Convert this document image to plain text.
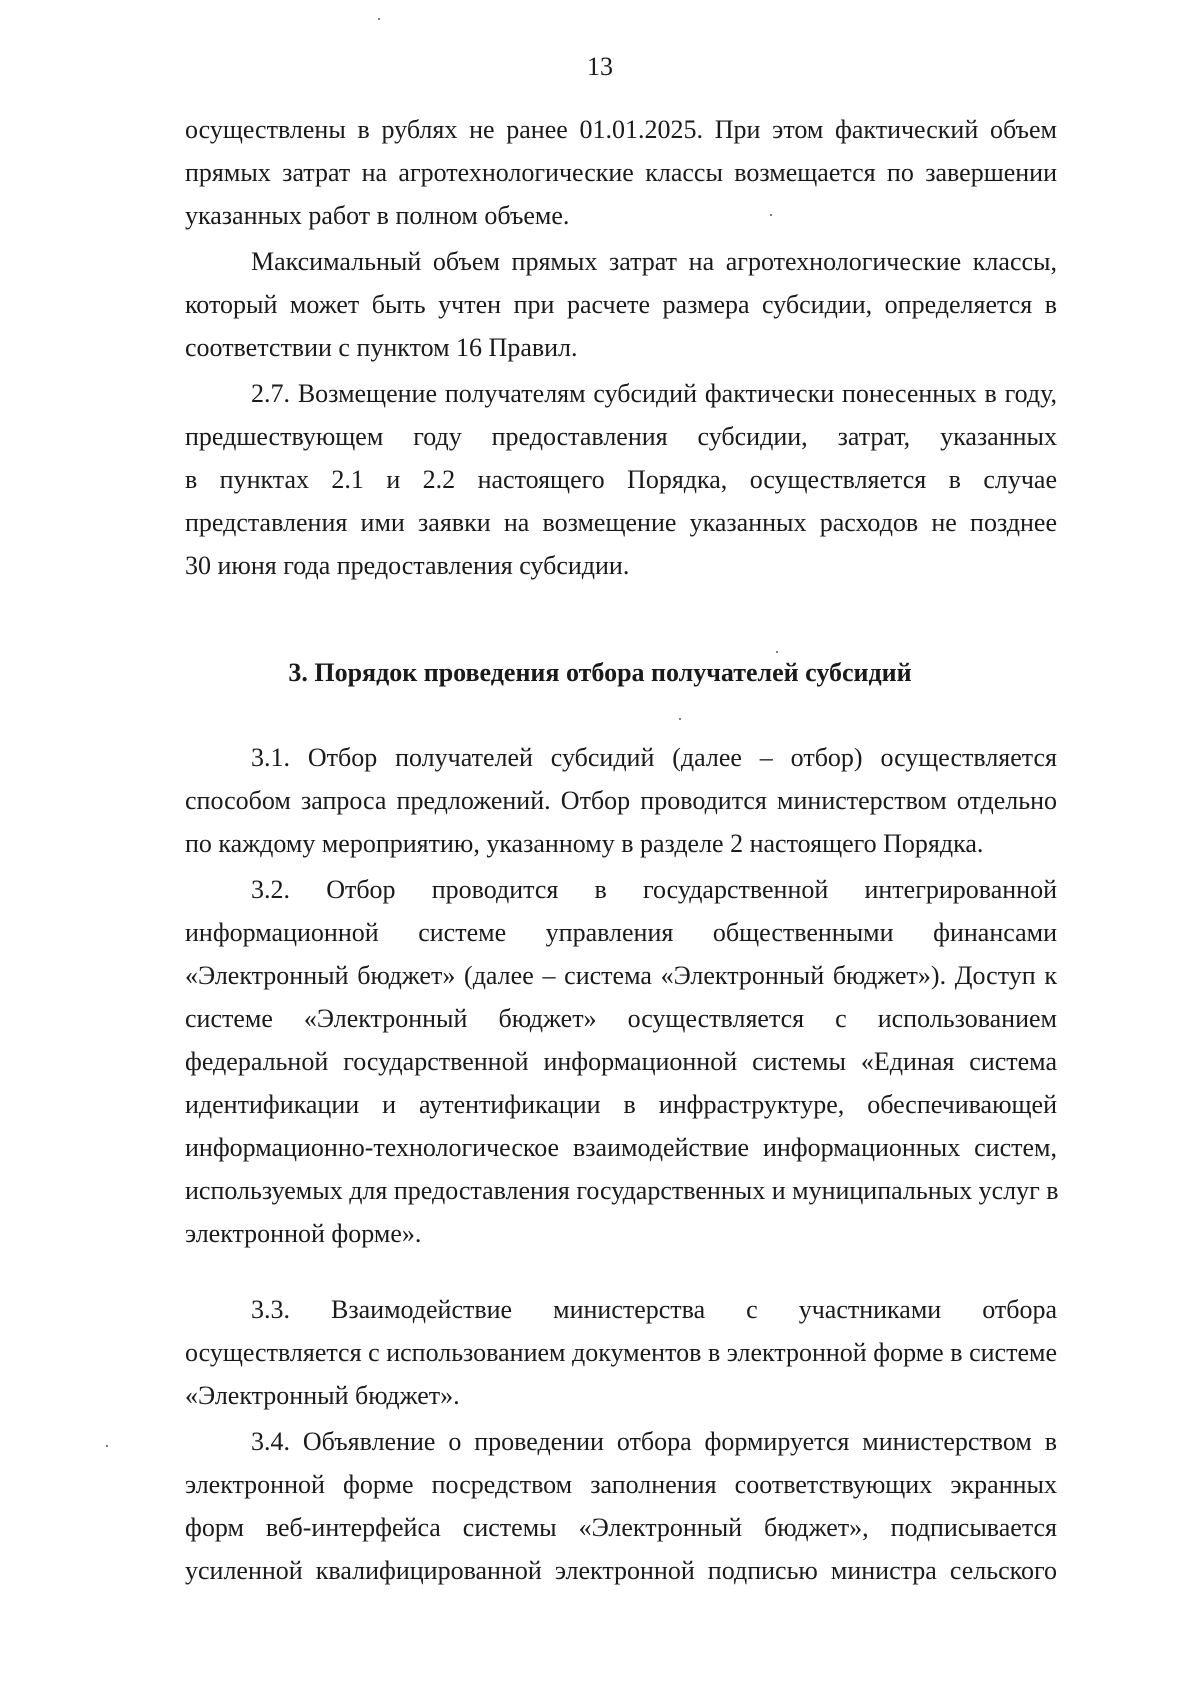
13
осуществлены в рублях не ранее 01.01.2025. При этом фактический объем
прямых затрат на агротехнологические классы возмещается по завершении
указанных работ в полном объеме.
Максимальный объем прямых затрат на агротехнологические классы,
который может быть учтен при расчете размера субсидии, определяется в
соответствии с пунктом 16 Правил.
2.7. Возмещение получателям субсидий фактически понесенных в году,
предшествующем году предоставления субсидии, затрат, указанных
в пунктах 2.1 и 2.2 настоящего Порядка, осуществляется в случае
представления ими заявки на возмещение указанных расходов не позднее
30 июня года предоставления субсидии.
3. Порядок проведения отбора получателей субсидий
3.1. Отбор получателей субсидий (далее – отбор) осуществляется
способом запроса предложений. Отбор проводится министерством отдельно
по каждому мероприятию, указанному в разделе 2 настоящего Порядка.
3.2. Отбор проводится в государственной интегрированной
информационной системе управления общественными финансами
«Электронный бюджет» (далее – система «Электронный бюджет»). Доступ к
системе «Электронный бюджет» осуществляется с использованием
федеральной государственной информационной системы «Единая система
идентификации и аутентификации в инфраструктуре, обеспечивающей
информационно-технологическое взаимодействие информационных систем,
используемых для предоставления государственных и муниципальных услуг в
электронной форме».
3.3. Взаимодействие министерства с участниками отбора
осуществляется с использованием документов в электронной форме в системе
«Электронный бюджет».
3.4. Объявление о проведении отбора формируется министерством в
электронной форме посредством заполнения соответствующих экранных
форм веб-интерфейса системы «Электронный бюджет», подписывается
усиленной квалифицированной электронной подписью министра сельского
